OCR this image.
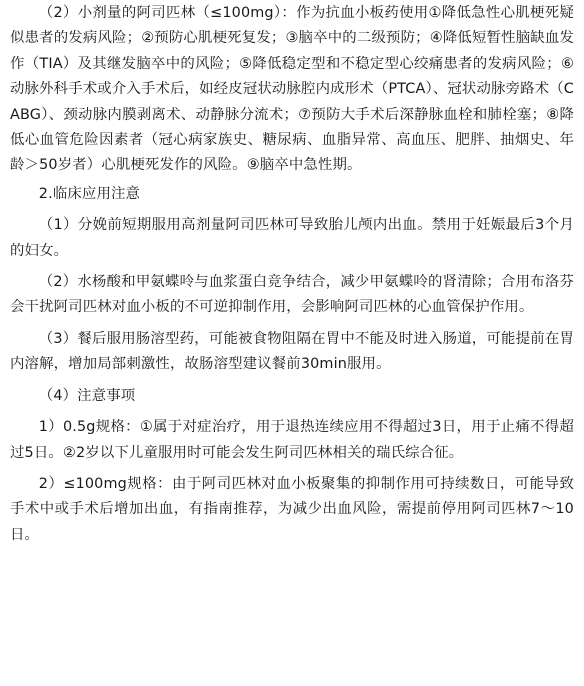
（2）小剂量的阿司匹林（≤100mg）：作为抗血小板药使用①降低急性心肌梗死疑似患者的发病风险；②预防心肌梗死复发；③脑卒中的二级预防；④降低短暂性脑缺血发作（TIA）及其继发脑卒中的风险；⑤降低稳定型和不稳定型心绞痛患者的发病风险；⑥动脉外科手术或介入手术后，如经皮冠状动脉腔内成形术（PTCA）、冠状动脉旁路术（CABG）、颈动脉内膜剥离术、动静脉分流术；⑦预防大手术后深静脉血栓和肺栓塞；⑧降低心血管危险因素者（冠心病家族史、糖尿病、血脂异常、高血压、肥胖、抽烟史、年龄＞50岁者）心肌梗死发作的风险。⑨脑卒中急性期。

2.临床应用注意

（1）分娩前短期服用高剂量阿司匹林可导致胎儿颅内出血。禁用于妊娠最后3个月的妇女。

（2）水杨酸和甲氨蝶呤与血浆蛋白竞争结合，减少甲氨蝶呤的肾清除；合用布洛芬会干扰阿司匹林对血小板的不可逆抑制作用，会影响阿司匹林的心血管保护作用。

（3）餐后服用肠溶型药，可能被食物阻隔在胃中不能及时进入肠道，可能提前在胃内溶解，增加局部刺激性，故肠溶型建议餐前30min服用。

（4）注意事项

1）0.5g规格：①属于对症治疗，用于退热连续应用不得超过3日，用于止痛不得超过5日。②2岁以下儿童服用时可能会发生阿司匹林相关的瑞氏综合征。

2）≤100mg规格：由于阿司匹林对血小板聚集的抑制作用可持续数日，可能导致手术中或手术后增加出血，有指南推荐，为减少出血风险，需提前停用阿司匹林7～10日。
